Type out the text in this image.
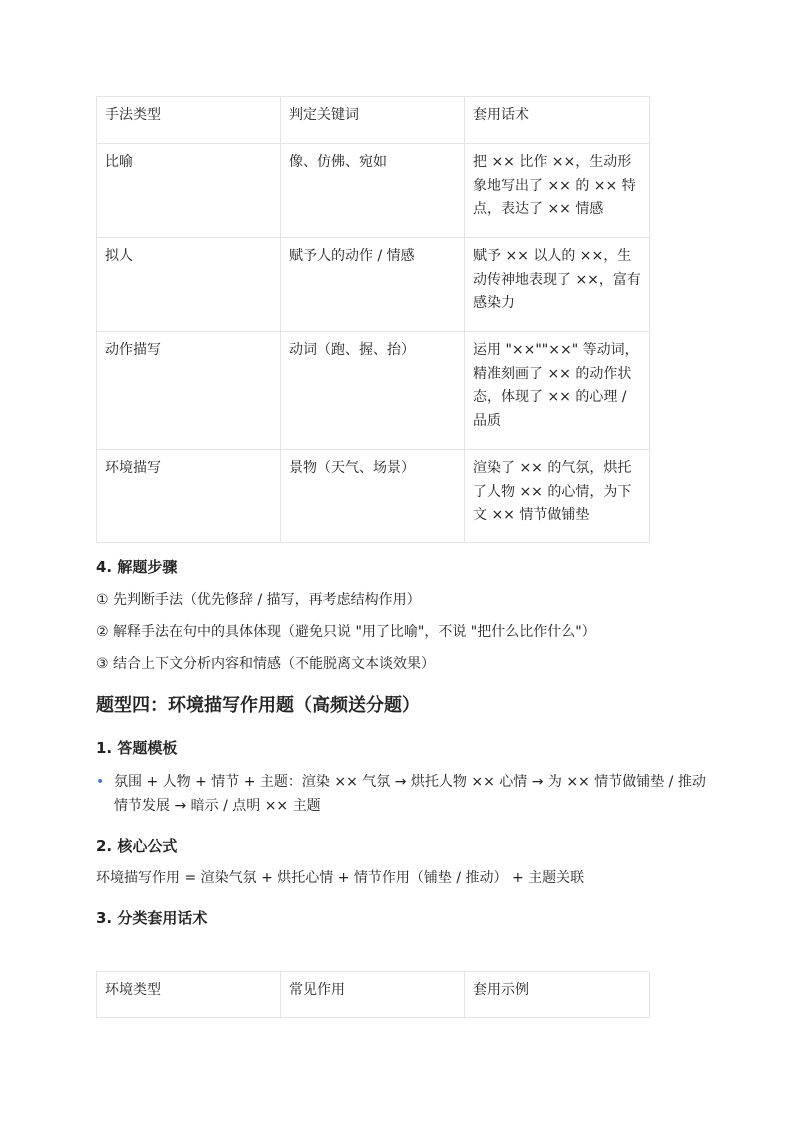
手法类型	判定关键词	套用话术
比喻	像、仿佛、宛如	把 ×× 比作 ××，生动形象地写出了 ×× 的 ×× 特点，表达了 ×× 情感
拟人	赋予人的动作 / 情感	赋予 ×× 以人的 ××，生动传神地表现了 ××，富有感染力
动作描写	动词（跑、握、抬）	运用 "××""××" 等动词，精准刻画了 ×× 的动作状态，体现了 ×× 的心理 / 品质
环境描写	景物（天气、场景）	渲染了 ×× 的气氛，烘托了人物 ×× 的心情，为下文 ×× 情节做铺垫

4. 解题步骤

① 先判断手法（优先修辞 / 描写，再考虑结构作用）

② 解释手法在句中的具体体现（避免只说 "用了比喻"，不说 "把什么比作什么"）

③ 结合上下文分析内容和情感（不能脱离文本谈效果）

题型四：环境描写作用题（高频送分题）

1. 答题模板

• 氛围 + 人物 + 情节 + 主题：渲染 ×× 气氛 → 烘托人物 ×× 心情 → 为 ×× 情节做铺垫 / 推动情节发展 → 暗示 / 点明 ×× 主题

2. 核心公式

环境描写作用 = 渲染气氛 + 烘托心情 + 情节作用（铺垫 / 推动） + 主题关联

3. 分类套用话术

环境类型	常见作用	套用示例
